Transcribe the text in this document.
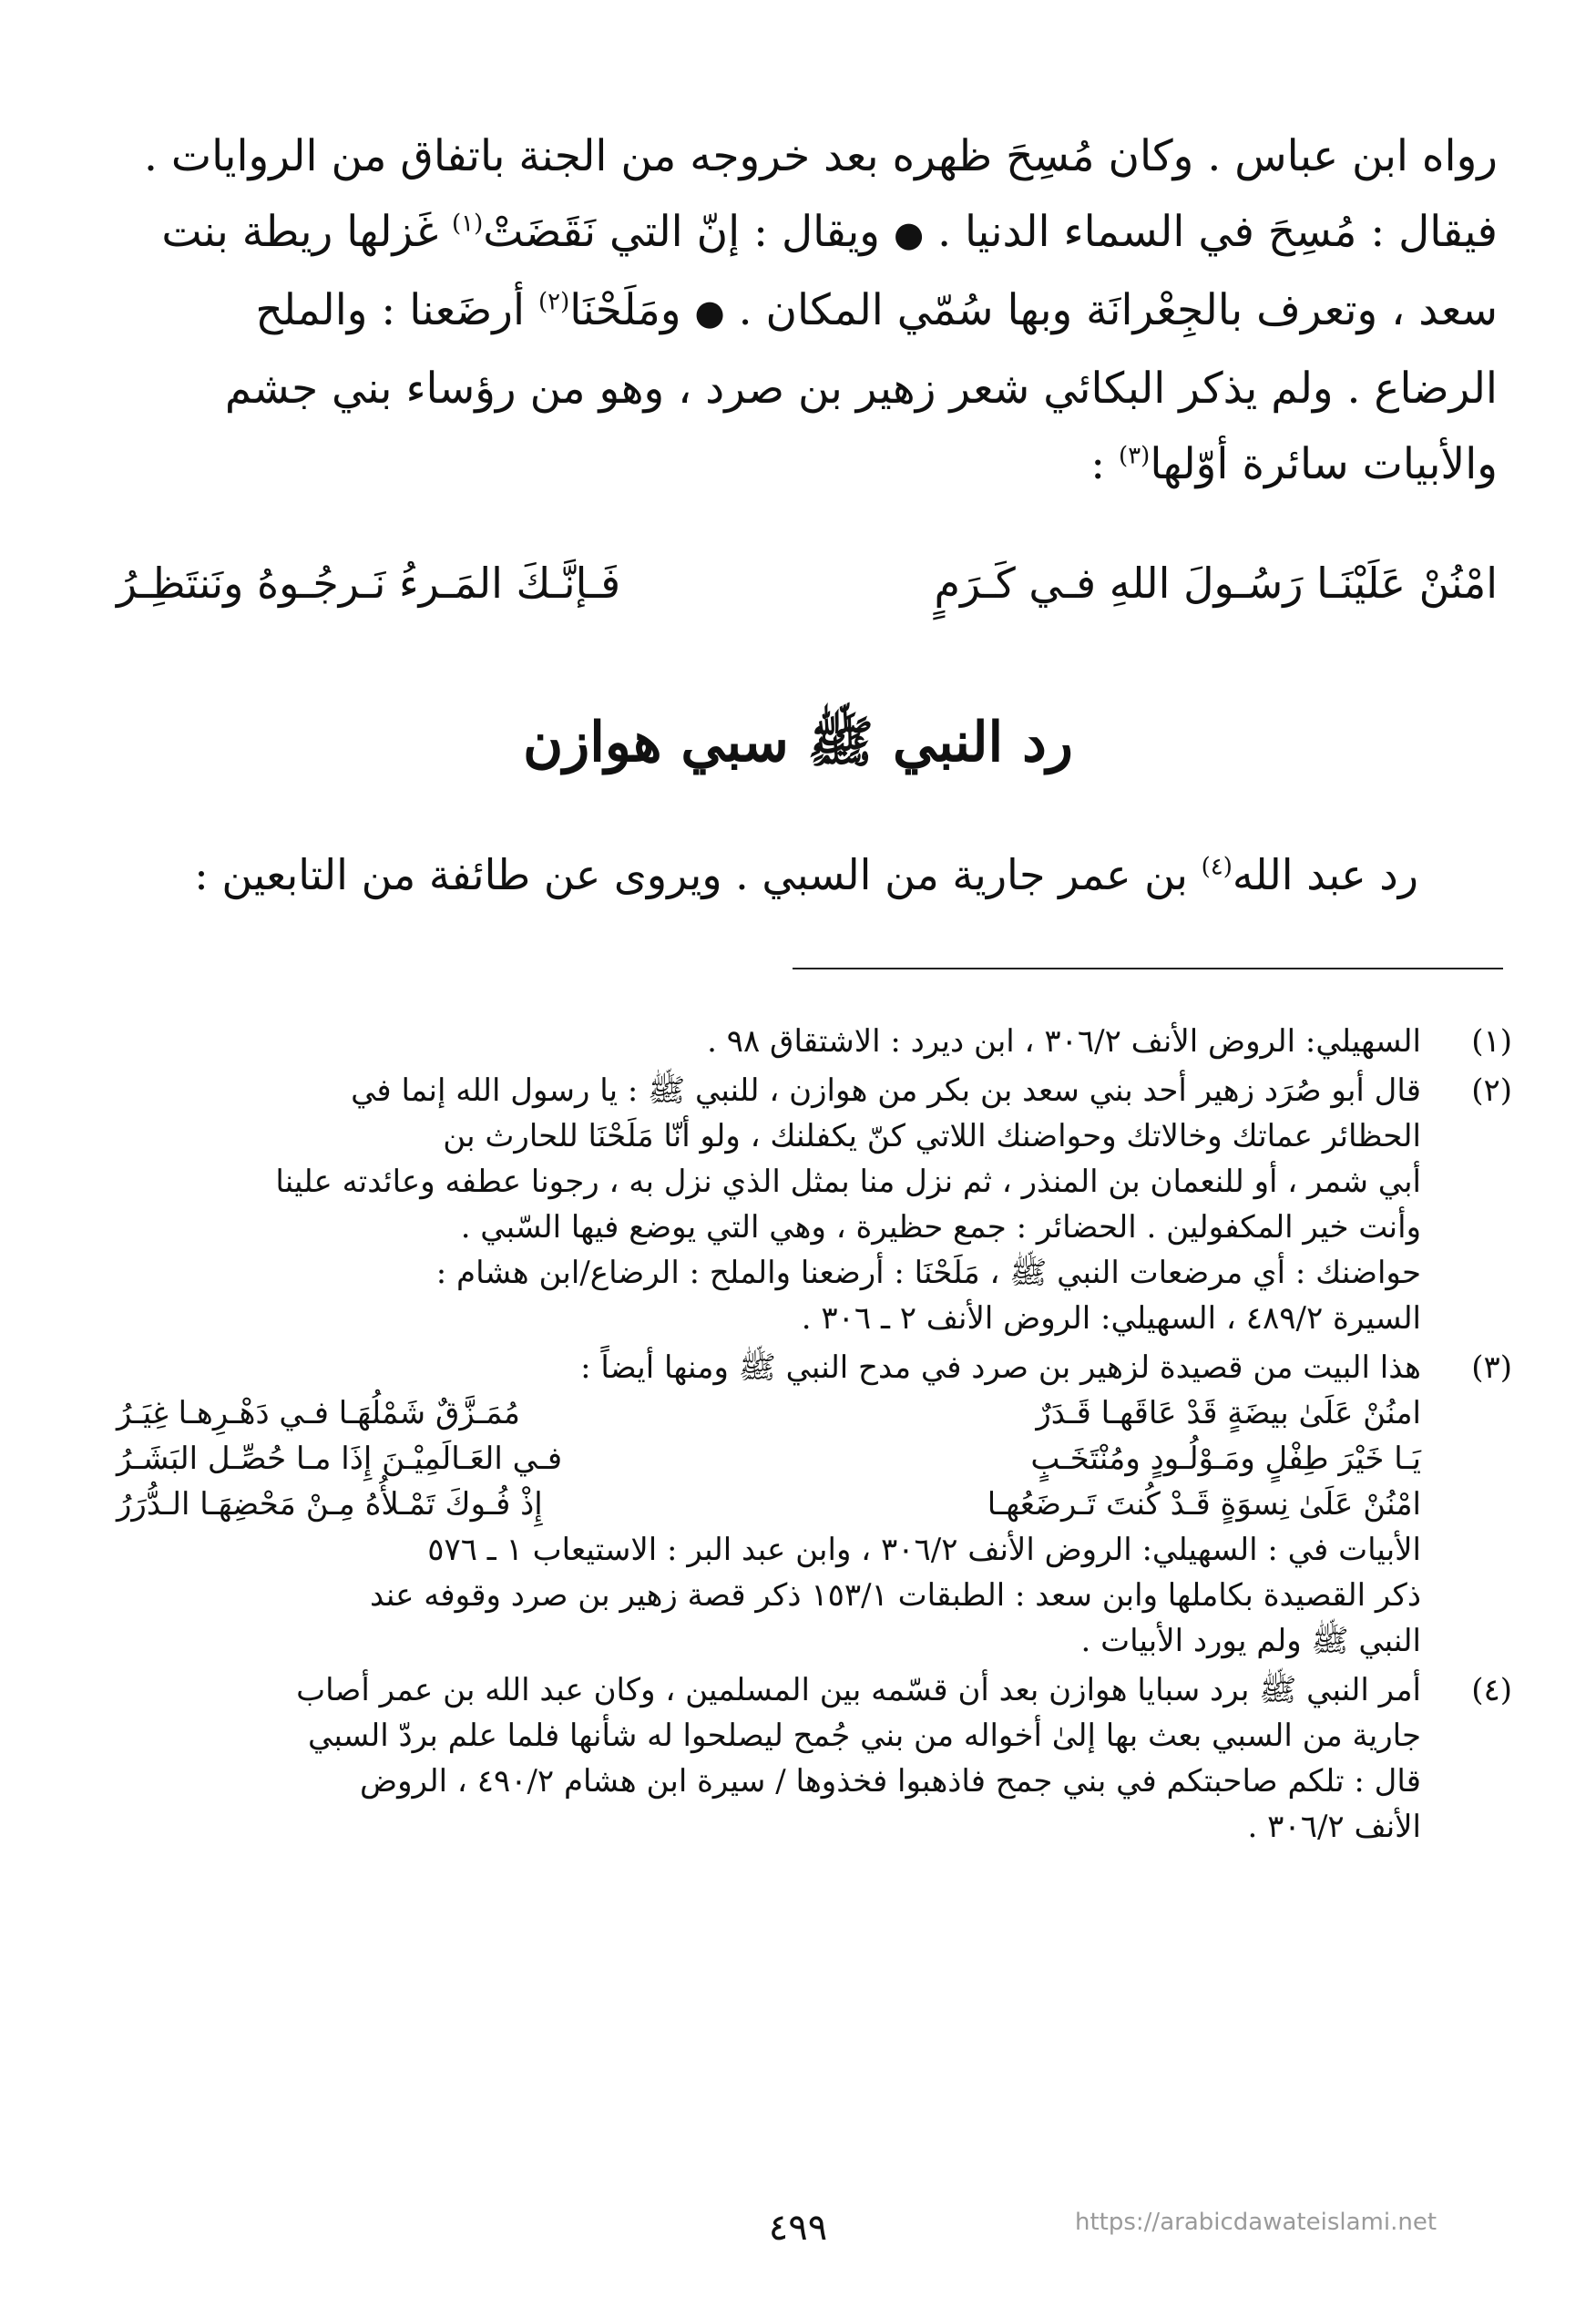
رواه ابن عباس . وكان مُسِحَ ظهره بعد خروجه من الجنة باتفاق من الروايات .

فيقال : مُسِحَ في السماء الدنيا . ● ويقال : إنّ التي نَقَضَتْ$^{(١)}$ غَزلها ريطة بنت

سعد ، وتعرف بالجِعْرانَة وبها سُمّي المكان . ● ومَلَحْنَا$^{(٢)}$ أرضَعنا : والملح

الرضاع . ولم يذكر البكائي شعر زهير بن صرد ، وهو من رؤساء بني جشم

والأبيات سائرة أوّلها$^{(٣)}$ :

امْنُنْ عَلَيْنَـا رَسُـولَ اللهِ فـي كَـرَمٍ
فَـإنَّـكَ المَـرءُ نَـرجُـوهُ ونَنتَظِـرُ
رد النبي ﷺ سبي هوازن
رد عبد الله$^{(٤)}$ بن عمر جارية من السبي . ويروى عن طائفة من التابعين :
(١)
السهيلي: الروض الأنف ٣٠٦/٢ ، ابن ديرد : الاشتقاق ٩٨ .
(٢)
قال أبو صُرَد زهير أحد بني سعد بن بكر من هوازن ، للنبي ﷺ : يا رسول الله إنما في
الحظائر عماتك وخالاتك وحواضنك اللاتي كنّ يكفلنك ، ولو أنّا مَلَحْنَا للحارث بن
أبي شمر ، أو للنعمان بن المنذر ، ثم نزل منا بمثل الذي نزل به ، رجونا عطفه وعائدته علينا
وأنت خير المكفولين . الحضائر : جمع حظيرة ، وهي التي يوضع فيها السّبي .
حواضنك : أي مرضعات النبي ﷺ ، مَلَحْنَا : أرضعنا والملح : الرضاع/ابن هشام :
السيرة ٤٨٩/٢ ، السهيلي: الروض الأنف ٢ ـ ٣٠٦ .
(٣)
هذا البيت من قصيدة لزهير بن صرد في مدح النبي ﷺ ومنها أيضاً :
امنُنْ عَلَىٰ بيضَةٍ قَدْ عَاقَهـا قَـدَرٌ
مُمَـزَّقٌ شَمْلُهَـا فـي دَهْـرِهـا غِيَـرُ
يَـا خَيْرَ طِفْلٍ ومَـوْلُـودٍ ومُنْتَخَـبٍ
فـي العَـالَمِيْـنَ إِذَا مـا حُصِّـل البَشَـرُ
امْنُنْ عَلَىٰ نِسوَةٍ قَـدْ كُنتَ تَـرضَعُهـا
إِذْ فُـوكَ تَمْـلأُهُ مِـنْ مَحْضِهَـا الـدُّرَرُ
الأبيات في : السهيلي: الروض الأنف ٣٠٦/٢ ، وابن عبد البر : الاستيعاب ١ ـ ٥٧٦
ذكر القصيدة بكاملها وابن سعد : الطبقات ١٥٣/١ ذكر قصة زهير بن صرد وقوفه عند
النبي ﷺ ولم يورد الأبيات .
(٤)
أمر النبي ﷺ برد سبايا هوازن بعد أن قسّمه بين المسلمين ، وكان عبد الله بن عمر أصاب
جارية من السبي بعث بها إلىٰ أخواله من بني جُمح ليصلحوا له شأنها فلما علم بردّ السبي
قال : تلكم صاحبتكم في بني جمح فاذهبوا فخذوها / سيرة ابن هشام ٤٩٠/٢ ، الروض
الأنف ٣٠٦/٢ .
٤٩٩	https://arabicdawateislami.net
